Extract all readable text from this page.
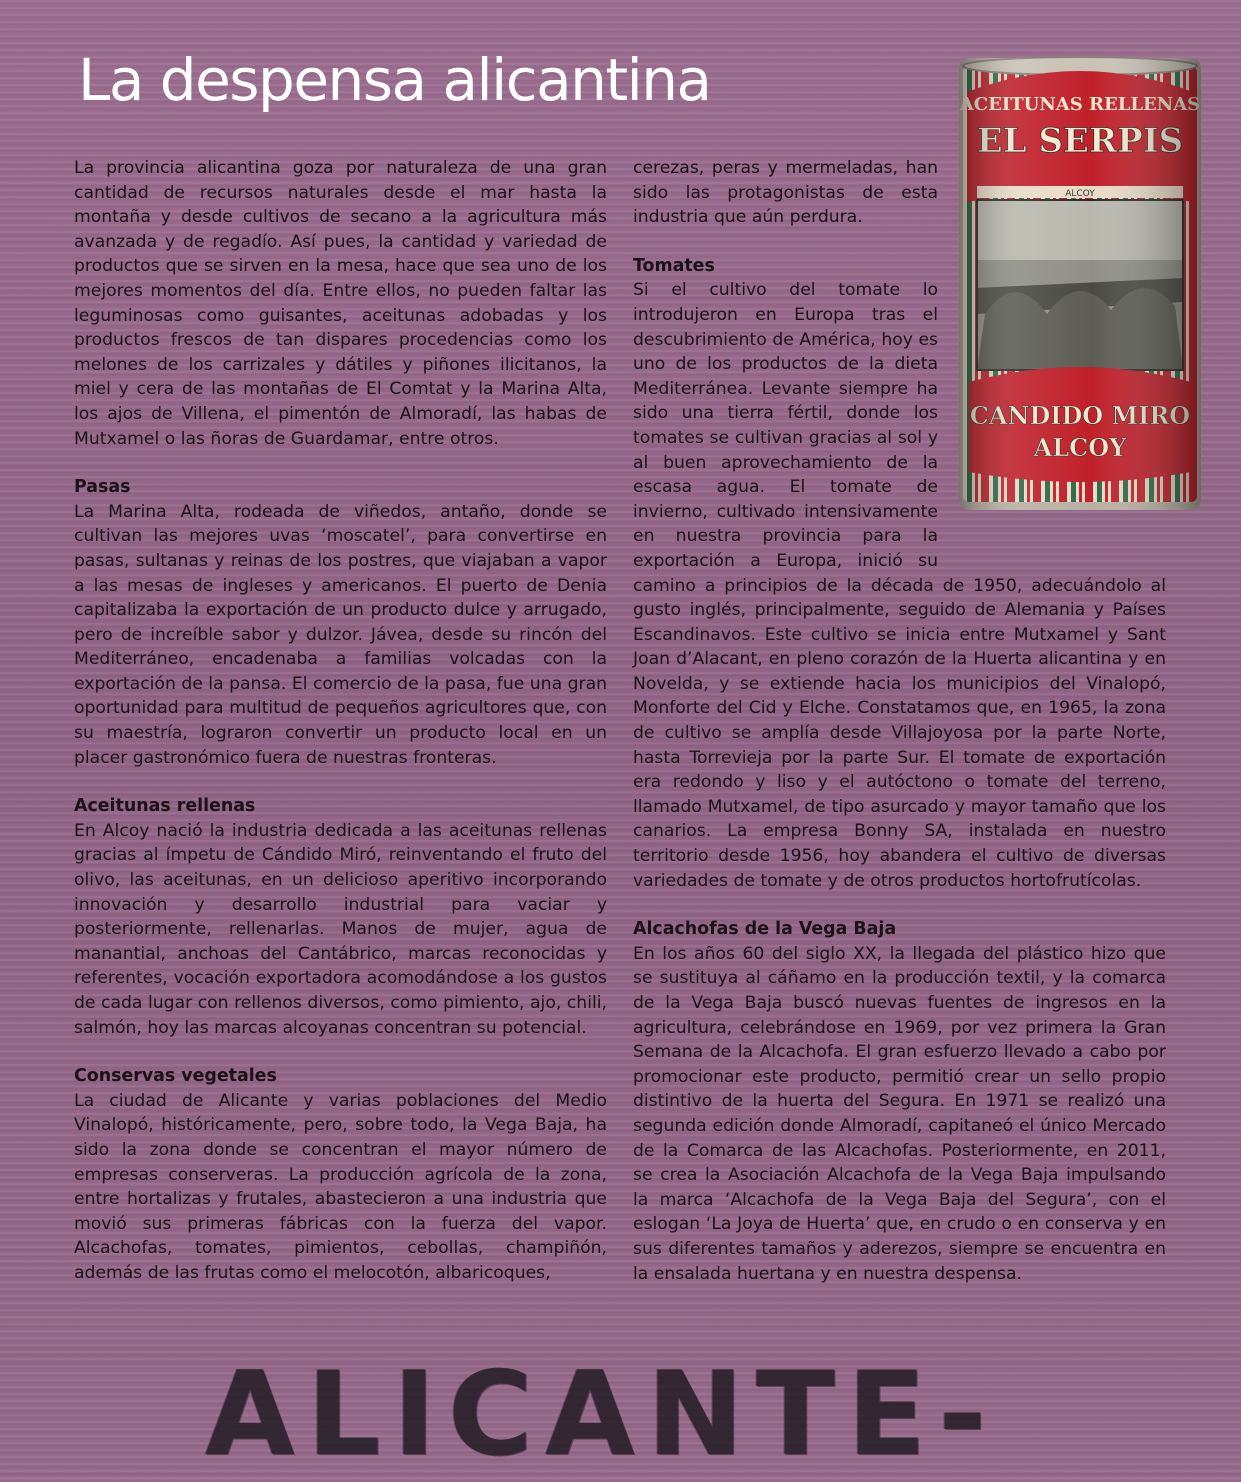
La despensa alicantina

La provincia alicantina goza por naturaleza de una gran cantidad de recursos naturales desde el mar hasta la montaña y desde cultivos de secano a la agricultura más avanzada y de regadío. Así pues, la cantidad y variedad de productos que se sirven en la mesa, hace que sea uno de los mejores momentos del día. Entre ellos, no pueden faltar las leguminosas como guisantes, aceitunas adobadas y los productos frescos de tan dispares procedencias como los melones de los carrizales y dátiles y piñones ilicitanos, la miel y cera de las montañas de El Comtat y la Marina Alta, los ajos de Villena, el pimentón de Almoradí, las habas de Mutxamel o las ñoras de Guardamar, entre otros.

Pasas

La Marina Alta, rodeada de viñedos, antaño, donde se cultivan las mejores uvas ‘moscatel’, para convertirse en pasas, sultanas y reinas de los postres, que viajaban a vapor a las mesas de ingleses y americanos. El puerto de Denia capitalizaba la exportación de un producto dulce y arrugado, pero de increíble sabor y dulzor. Jávea, desde su rincón del Mediterráneo, encadenaba a familias volcadas con la exportación de la pansa. El comercio de la pasa, fue una gran oportunidad para multitud de pequeños agricultores que, con su maestría, lograron convertir un producto local en un placer gastronómico fuera de nuestras fronteras.

Aceitunas rellenas

En Alcoy nació la industria dedicada a las aceitunas rellenas gracias al ímpetu de Cándido Miró, reinventando el fruto del olivo, las aceitunas, en un delicioso aperitivo incorporando innovación y desarrollo industrial para vaciar y posteriormente, rellenarlas. Manos de mujer, agua de manantial, anchoas del Cantábrico, marcas reconocidas y referentes, vocación exportadora acomodándose a los gustos de cada lugar con rellenos diversos, como pimiento, ajo, chili, salmón, hoy las marcas alcoyanas concentran su potencial.

Conservas vegetales

La ciudad de Alicante y varias poblaciones del Medio Vinalopó, históricamente, pero, sobre todo, la Vega Baja, ha sido la zona donde se concentran el mayor número de empresas conserveras. La producción agrícola de la zona, entre hortalizas y frutales, abastecieron a una industria que movió sus primeras fábricas con la fuerza del vapor. Alcachofas, tomates, pimientos, cebollas, champiñón, además de las frutas como el melocotón, albaricoques,

cerezas, peras y mermeladas, han sido las protagonistas de esta industria que aún perdura.

Tomates

Si el cultivo del tomate lo introdujeron en Europa tras el descubrimiento de América, hoy es uno de los productos de la dieta Mediterránea. Levante siempre ha sido una tierra fértil, donde los tomates se cultivan gracias al sol y al buen aprovechamiento de la escasa agua. El tomate de invierno, cultivado intensivamente en nuestra provincia para la exportación a Europa, inició su camino a principios de la década de 1950, adecuándolo al gusto inglés, principalmente, seguido de Alemania y Países Escandinavos. Este cultivo se inicia entre Mutxamel y Sant Joan d’Alacant, en pleno corazón de la Huerta alicantina y en Novelda, y se extiende hacia los municipios del Vinalopó, Monforte del Cid y Elche. Constatamos que, en 1965, la zona de cultivo se amplía desde Villajoyosa por la parte Norte, hasta Torrevieja por la parte Sur. El tomate de exportación era redondo y liso y el autóctono o tomate del terreno, llamado Mutxamel, de tipo asurcado y mayor tamaño que los canarios. La empresa Bonny SA, instalada en nuestro territorio desde 1956, hoy abandera el cultivo de diversas variedades de tomate y de otros productos hortofrutícolas.

Alcachofas de la Vega Baja

En los años 60 del siglo XX, la llegada del plástico hizo que se sustituya al cáñamo en la producción textil, y la comarca de la Vega Baja buscó nuevas fuentes de ingresos en la agricultura, celebrándose en 1969, por vez primera la Gran Semana de la Alcachofa. El gran esfuerzo llevado a cabo por promocionar este producto, permitió crear un sello propio distintivo de la huerta del Segura. En 1971 se realizó una segunda edición donde Almoradí, capitaneó el único Mercado de la Comarca de las Alcachofas. Posteriormente, en 2011, se crea la Asociación Alcachofa de la Vega Baja impulsando la marca ‘Alcachofa de la Vega Baja del Segura’, con el eslogan ‘La Joya de Huerta’ que, en crudo o en conserva y en sus diferentes tamaños y aderezos, siempre se encuentra en la ensalada huertana y en nuestra despensa.

ALICANTE-
